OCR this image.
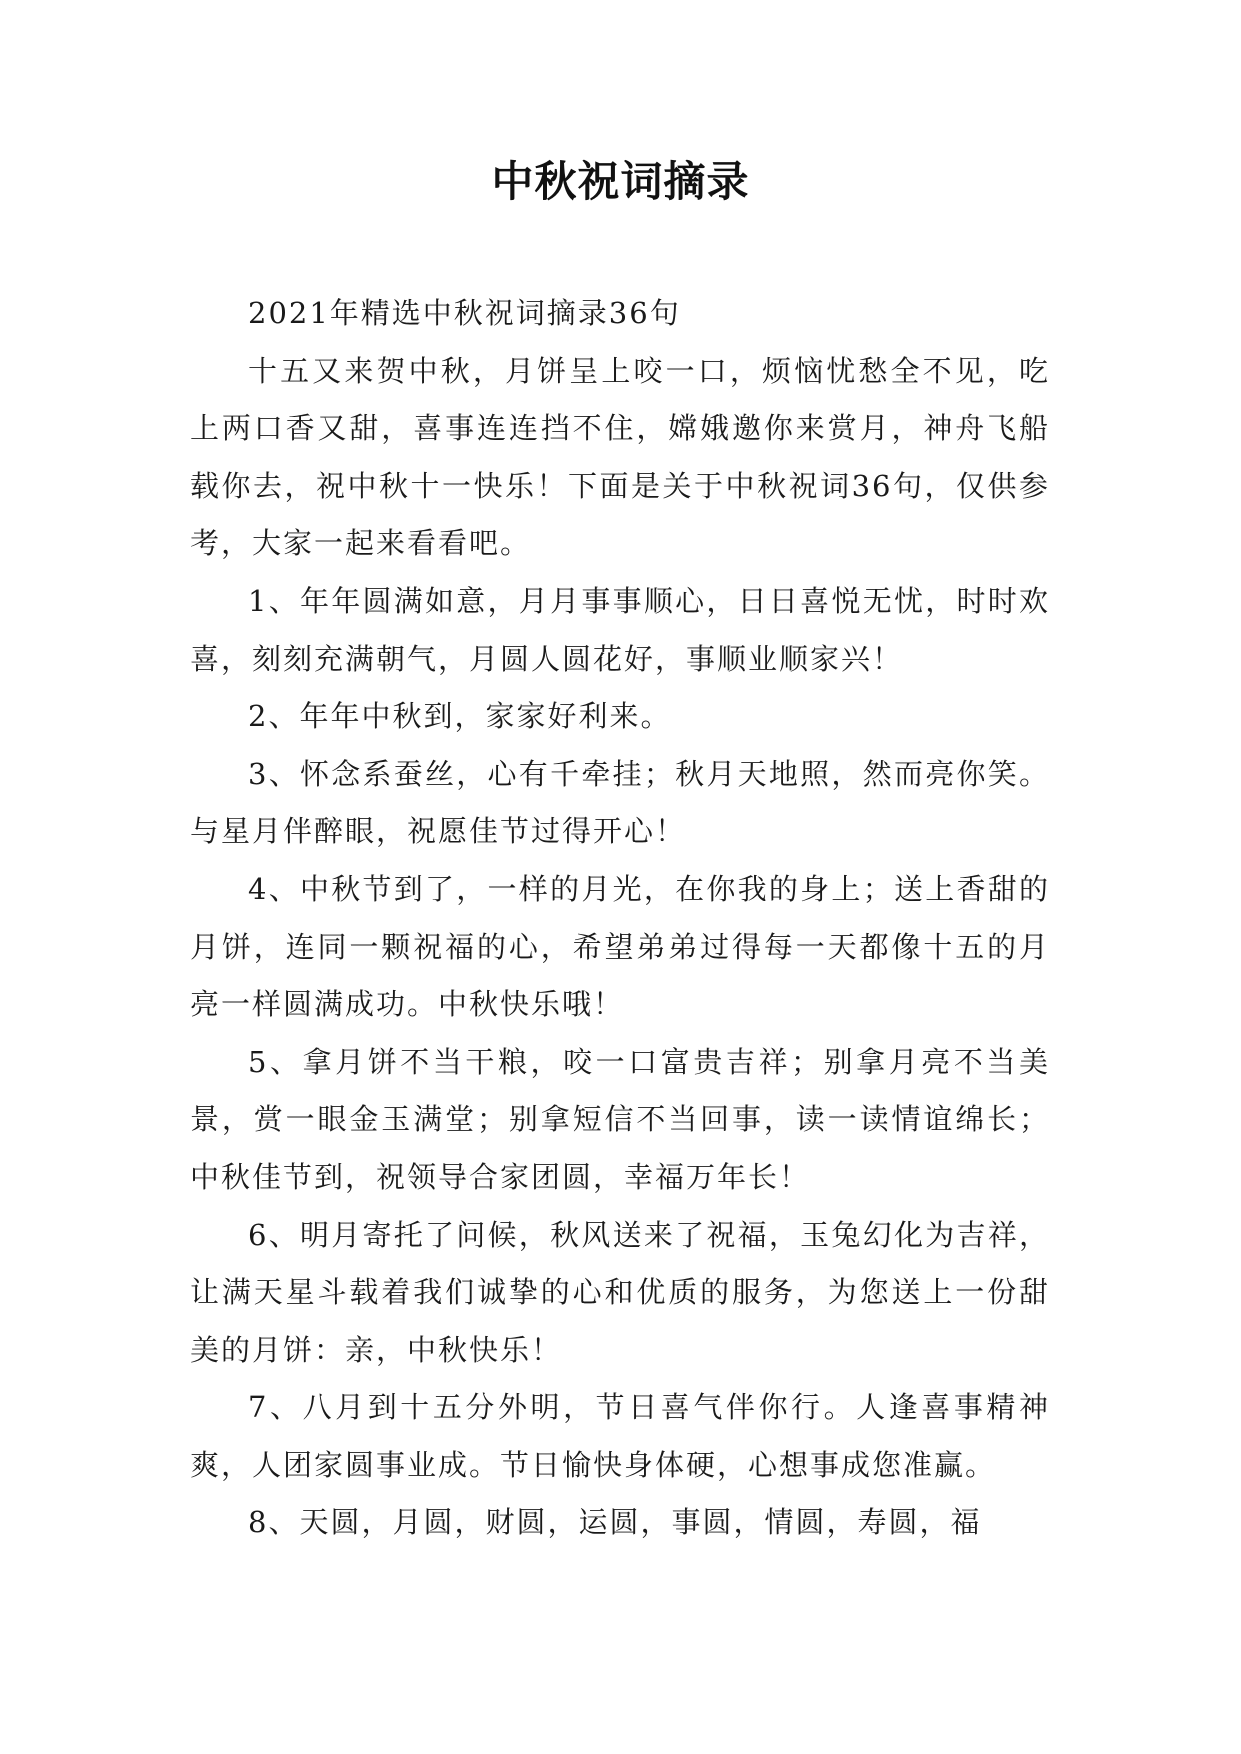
中秋祝词摘录

2021年精选中秋祝词摘录36句

十五又来贺中秋，月饼呈上咬一口，烦恼忧愁全不见，吃上两口香又甜，喜事连连挡不住，嫦娥邀你来赏月，神舟飞船载你去，祝中秋十一快乐！下面是关于中秋祝词36句，仅供参考，大家一起来看看吧。

1、年年圆满如意，月月事事顺心，日日喜悦无忧，时时欢喜，刻刻充满朝气，月圆人圆花好，事顺业顺家兴！

2、年年中秋到，家家好利来。

3、怀念系蚕丝，心有千牵挂；秋月天地照，然而亮你笑。与星月伴醉眼，祝愿佳节过得开心！

4、中秋节到了，一样的月光，在你我的身上；送上香甜的月饼，连同一颗祝福的心，希望弟弟过得每一天都像十五的月亮一样圆满成功。中秋快乐哦！

5、拿月饼不当干粮，咬一口富贵吉祥；别拿月亮不当美景，赏一眼金玉满堂；别拿短信不当回事，读一读情谊绵长；中秋佳节到，祝领导合家团圆，幸福万年长！

6、明月寄托了问候，秋风送来了祝福，玉兔幻化为吉祥，让满天星斗载着我们诚挚的心和优质的服务，为您送上一份甜美的月饼：亲，中秋快乐！

7、八月到十五分外明，节日喜气伴你行。人逢喜事精神爽，人团家圆事业成。节日愉快身体硬，心想事成您准赢。

8、天圆，月圆，财圆，运圆，事圆，情圆，寿圆，福
